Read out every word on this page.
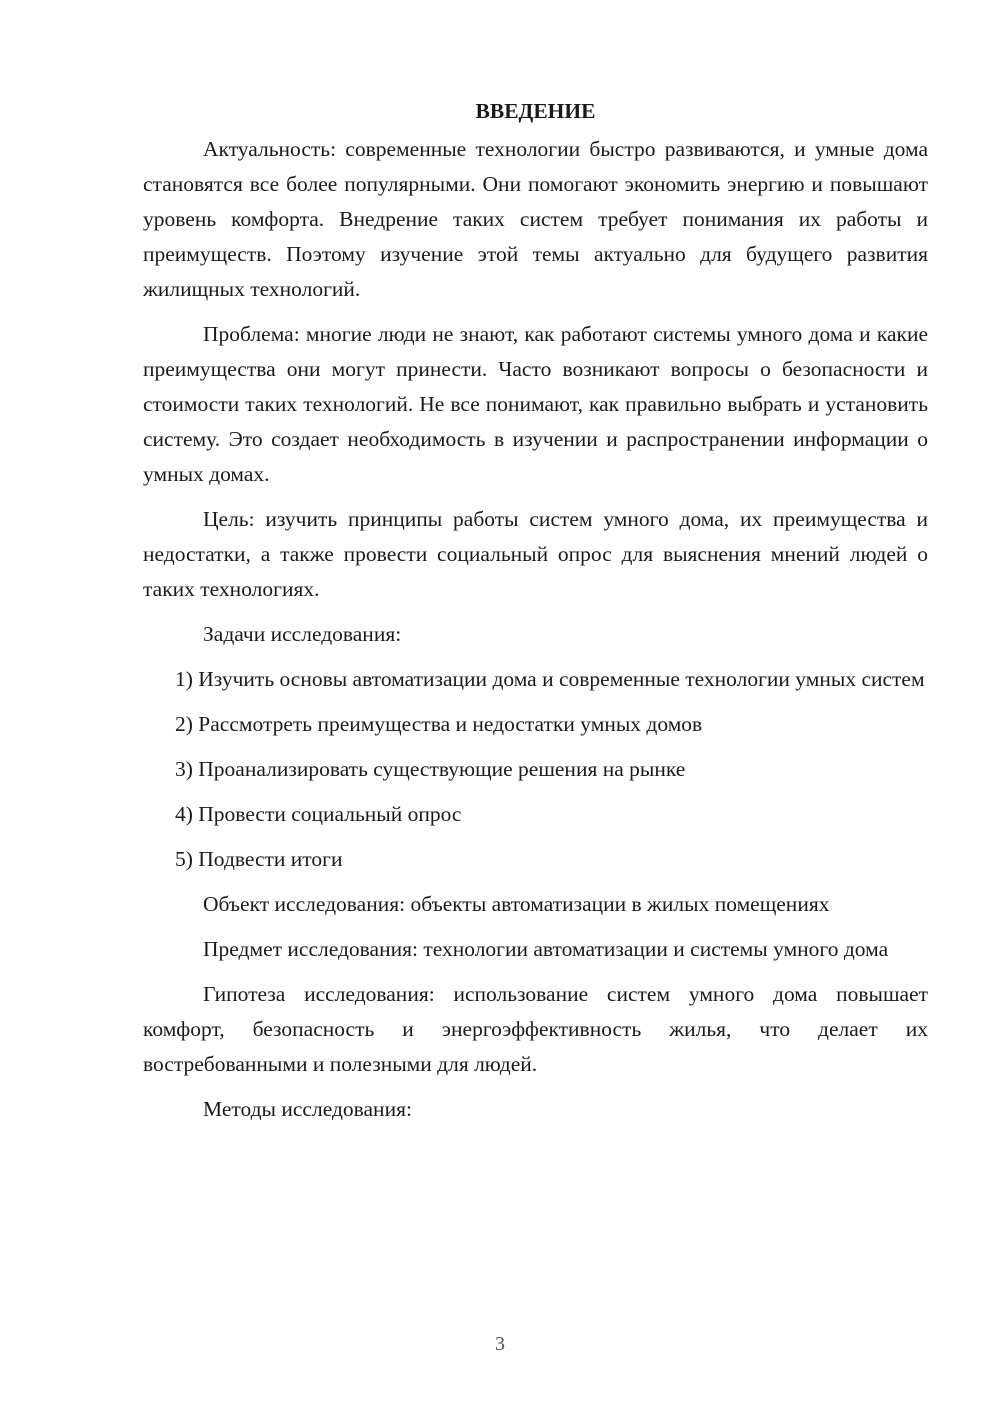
ВВЕДЕНИЕ

Актуальность: современные технологии быстро развиваются, и умные дома становятся все более популярными. Они помогают экономить энергию и повышают уровень комфорта. Внедрение таких систем требует понимания их работы и преимуществ. Поэтому изучение этой темы актуально для будущего развития жилищных технологий.

Проблема: многие люди не знают, как работают системы умного дома и какие преимущества они могут принести. Часто возникают вопросы о безопасности и стоимости таких технологий. Не все понимают, как правильно выбрать и установить систему. Это создает необходимость в изучении и распространении информации о умных домах.

Цель: изучить принципы работы систем умного дома, их преимущества и недостатки, а также провести социальный опрос для выяснения мнений людей о таких технологиях.

Задачи исследования:

1) Изучить основы автоматизации дома и современные технологии умных систем
2) Рассмотреть преимущества и недостатки умных домов
3) Проанализировать существующие решения на рынке
4) Провести социальный опрос
5) Подвести итоги

Объект исследования: объекты автоматизации в жилых помещениях

Предмет исследования: технологии автоматизации и системы умного дома

Гипотеза исследования: использование систем умного дома повышает комфорт, безопасность и энергоэффективность жилья, что делает их востребованными и полезными для людей.

Методы исследования:

3
